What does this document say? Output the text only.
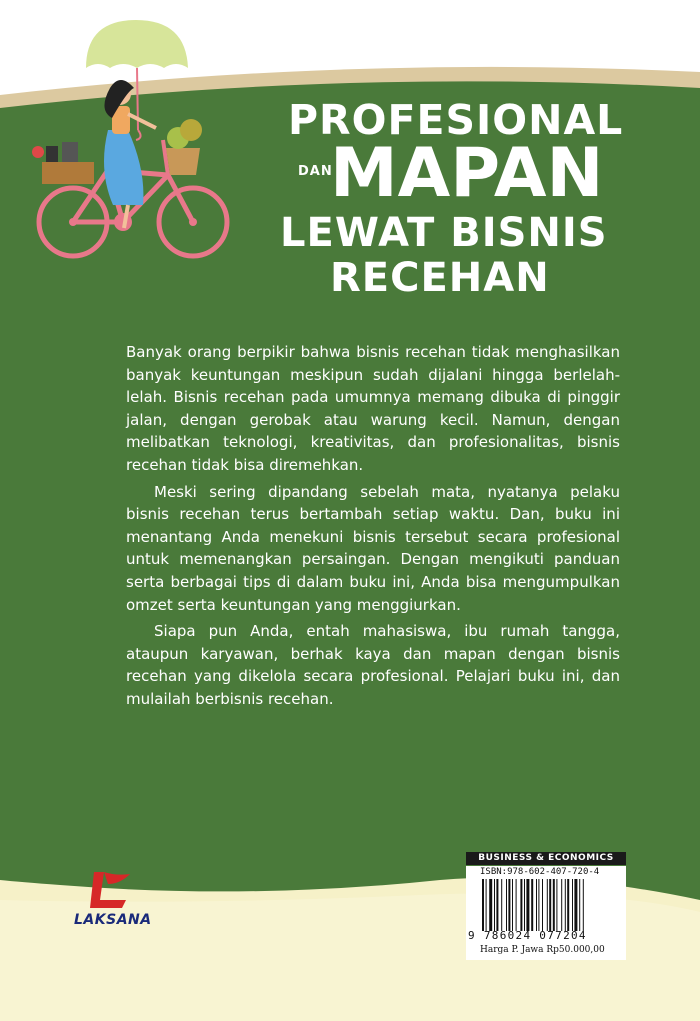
PROFESIONAL
DAN
MAPAN
LEWAT BISNIS
RECEHAN

Banyak orang berpikir bahwa bisnis recehan tidak menghasilkan banyak keuntungan meskipun sudah dijalani hingga berlelah-lelah. Bisnis recehan pada umumnya memang dibuka di pinggir jalan, dengan gerobak atau warung kecil. Namun, dengan melibatkan teknologi, kreativitas, dan profesionalitas, bisnis recehan tidak bisa diremehkan.

Meski sering dipandang sebelah mata, nyatanya pelaku bisnis recehan terus bertambah setiap waktu. Dan, buku ini menantang Anda menekuni bisnis tersebut secara profesional untuk memenangkan persaingan. Dengan mengikuti panduan serta berbagai tips di dalam buku ini, Anda bisa mengumpulkan omzet serta keuntungan yang menggiurkan.

Siapa pun Anda, entah mahasiswa, ibu rumah tangga, ataupun karyawan, berhak kaya dan mapan dengan bisnis recehan yang dikelola secara profesional. Pelajari buku ini, dan mulailah berbisnis recehan.

LAKSANA
BUSINESS & ECONOMICS
ISBN:978-602-407-720-4
9 786024 077204
Harga P. Jawa Rp50.000,00
